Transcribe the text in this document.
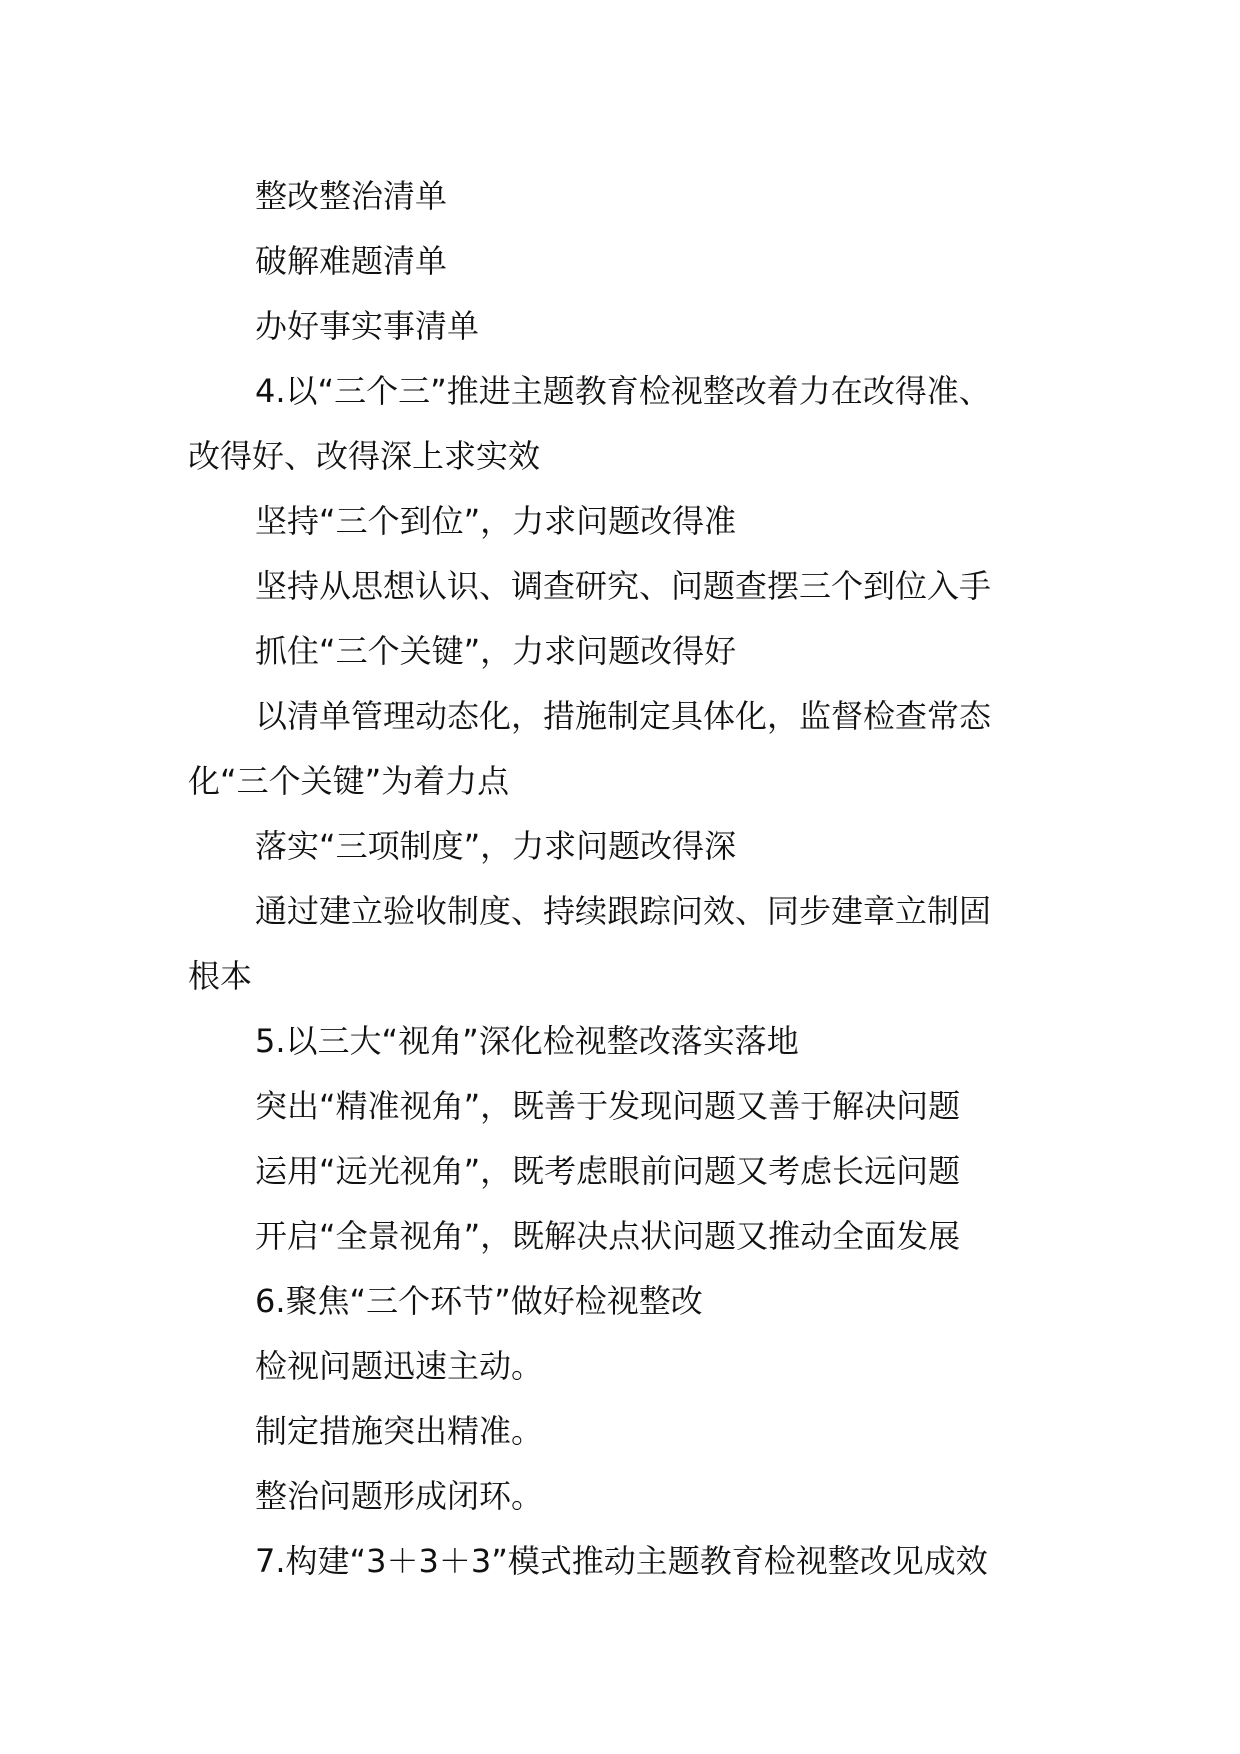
整改整治清单
破解难题清单
办好事实事清单
4.以“三个三”推进主题教育检视整改着力在改得准、
改得好、改得深上求实效
坚持“三个到位”，力求问题改得准
坚持从思想认识、调查研究、问题查摆三个到位入手
抓住“三个关键”，力求问题改得好
以清单管理动态化，措施制定具体化，监督检查常态
化“三个关键”为着力点
落实“三项制度”，力求问题改得深
通过建立验收制度、持续跟踪问效、同步建章立制固
根本
5.以三大“视角”深化检视整改落实落地
突出“精准视角”，既善于发现问题又善于解决问题
运用“远光视角”，既考虑眼前问题又考虑长远问题
开启“全景视角”，既解决点状问题又推动全面发展
6.聚焦“三个环节”做好检视整改
检视问题迅速主动。
制定措施突出精准。
整治问题形成闭环。
7.构建“3＋3＋3”模式推动主题教育检视整改见成效
